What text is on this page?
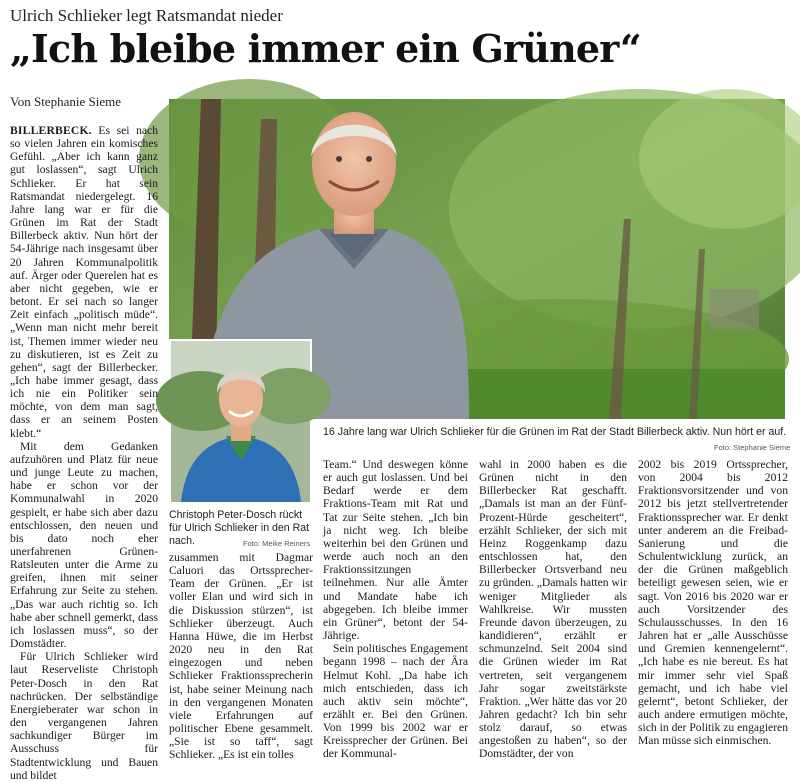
Ulrich Schlieker legt Ratsmandat nieder
„Ich bleibe immer ein Grüner“
Von Stephanie Sieme
16 Jahre lang war Ulrich Schlieker für die Grünen im Rat der Stadt Billerbeck aktiv. Nun hört er auf.
Foto: Stephanie Sieme
Christoph Peter-Dosch rückt für Ulrich Schlieker in den Rat nach.	Foto: Meike Reiners

BILLERBECK. Es sei nach so vielen Jahren ein komisches Gefühl. „Aber ich kann ganz gut loslassen“, sagt Ulrich Schlieker. Er hat sein Ratsmandat niedergelegt. 16 Jahre lang war er für die Grünen im Rat der Stadt Billerbeck aktiv. Nun hört der 54-Jährige nach insgesamt über 20 Jahren Kommunalpolitik auf. Ärger oder Querelen hat es aber nicht gegeben, wie er betont. Er sei nach so langer Zeit einfach „politisch müde“. „Wenn man nicht mehr bereit ist, Themen immer wieder neu zu diskutieren, ist es Zeit zu gehen“, sagt der Billerbecker. „Ich habe immer gesagt, dass ich nie ein Politiker sein möchte, von dem man sagt, dass er an seinem Posten klebt.“

Mit dem Gedanken aufzuhören und Platz für neue und junge Leute zu machen, habe er schon vor der Kommunalwahl in 2020 gespielt, er habe sich aber dazu entschlossen, den neuen und bis dato noch eher unerfahrenen Grünen-Ratsleuten unter die Arme zu greifen, ihnen mit seiner Erfahrung zur Seite zu stehen. „Das war auch richtig so. Ich habe aber schnell gemerkt, dass ich loslassen muss“, so der Domstädter.

Für Ulrich Schlieker wird laut Reserveliste Christoph Peter-Dosch in den Rat nachrücken. Der selbständige Energieberater war schon in den vergangenen Jahren sachkundiger Bürger im Ausschuss für Stadtentwicklung und Bauen und bildet

zusammen mit Dagmar Caluori das Ortssprecher-Team der Grünen. „Er ist voller Elan und wird sich in die Diskussion stürzen“, ist Schlieker überzeugt. Auch Hanna Hüwe, die im Herbst 2020 neu in den Rat eingezogen und neben Schlieker Fraktionssprecherin ist, habe seiner Meinung nach in den vergangenen Monaten viele Erfahrungen auf politischer Ebene gesammelt. „Sie ist so taff“, sagt Schlieker. „Es ist ein tolles

Team.“ Und deswegen könne er auch gut loslassen. Und bei Bedarf werde er dem Fraktions-Team mit Rat und Tat zur Seite stehen. „Ich bin ja nicht weg. Ich bleibe weiterhin bei den Grünen und werde auch noch an den Fraktionssitzungen teilnehmen. Nur alle Ämter und Mandate habe ich abgegeben. Ich bleibe immer ein Grüner“, betont der 54-Jährige.

Sein politisches Engagement begann 1998 – nach der Ära Helmut Kohl. „Da habe ich mich entschieden, dass ich auch aktiv sein möchte“, erzählt er. Bei den Grünen. Von 1999 bis 2002 war er Kreissprecher der Grünen. Bei der Kommunal-

wahl in 2000 haben es die Grünen nicht in den Billerbecker Rat geschafft. „Damals ist man an der Fünf-Prozent-Hürde gescheitert“, erzählt Schlieker, der sich mit Heinz Roggenkamp dazu entschlossen hat, den Billerbecker Ortsverband neu zu gründen. „Damals hatten wir weniger Mitglieder als Wahlkreise. Wir mussten Freunde davon überzeugen, zu kandidieren“, erzählt er schmunzelnd. Seit 2004 sind die Grünen wieder im Rat vertreten, seit vergangenem Jahr sogar zweitstärkste Fraktion. „Wer hätte das vor 20 Jahren gedacht? Ich bin sehr stolz darauf, so etwas angestoßen zu haben“, so der Domstädter, der von

2002 bis 2019 Ortssprecher, von 2004 bis 2012 Fraktionsvorsitzender und von 2012 bis jetzt stellvertretender Fraktionssprecher war. Er denkt unter anderem an die Freibad-Sanierung und die Schulentwicklung zurück, an der die Grünen maßgeblich beteiligt gewesen seien, wie er sagt. Von 2016 bis 2020 war er auch Vorsitzender des Schulausschusses. In den 16 Jahren hat er „alle Ausschüsse und Gremien kennengelernt“. „Ich habe es nie bereut. Es hat mir immer sehr viel Spaß gemacht, und ich habe viel gelernt“, betont Schlieker, der auch andere ermutigen möchte, sich in der Politik zu engagieren Man müsse sich einmischen.
